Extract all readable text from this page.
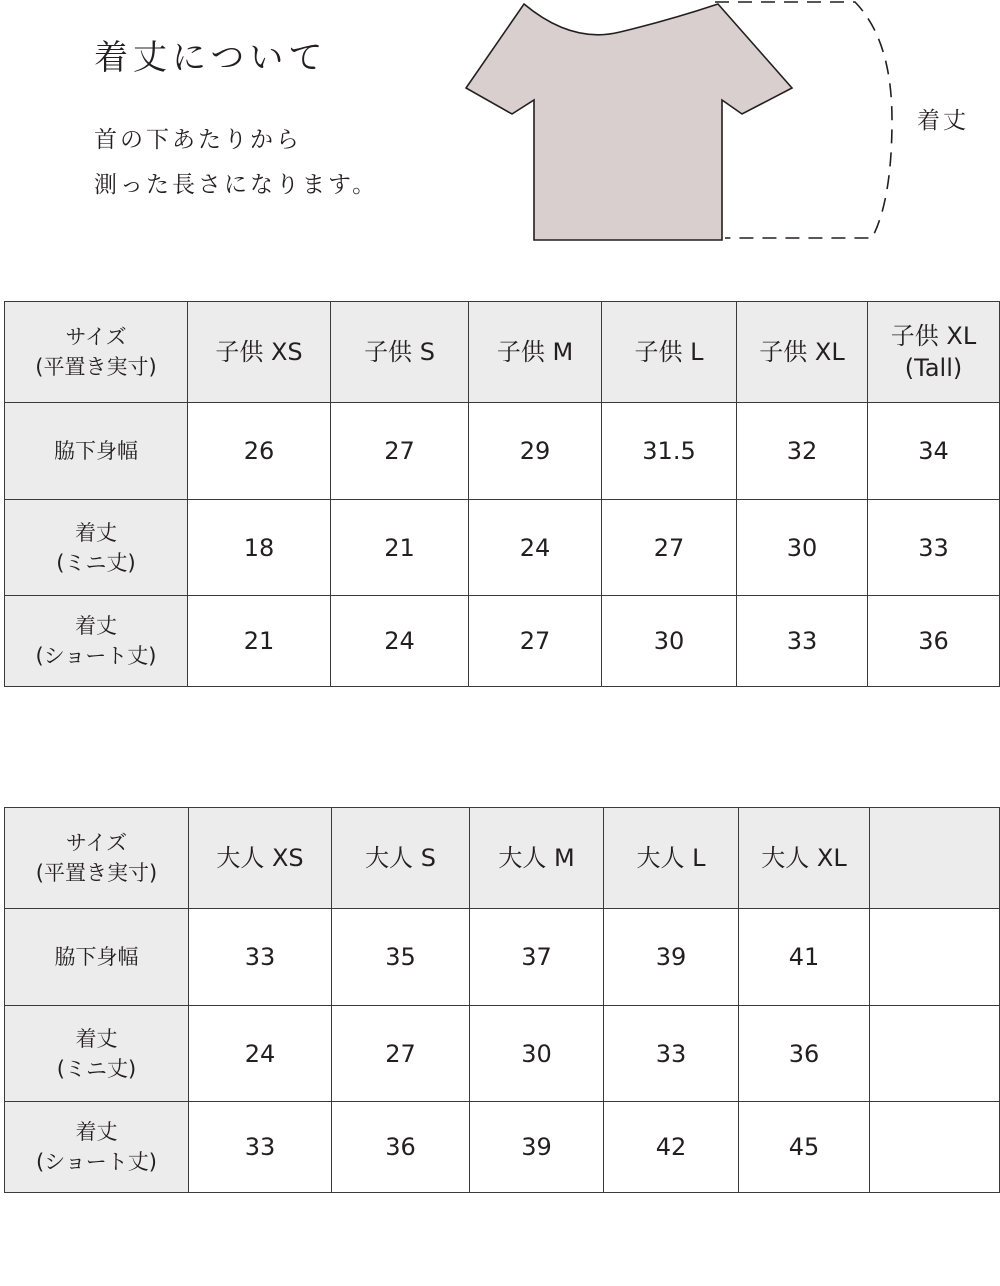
着丈について
首の下あたりから
測った長さになります。
着丈
サイズ
(平置き実寸)	子供 XS	子供 S	子供 M	子供 L	子供 XL	子供 XL
(Tall)
脇下身幅	26	27	29	31.5	32	34
着丈
(ミニ丈)	18	21	24	27	30	33
着丈
(ショート丈)	21	24	27	30	33	36
サイズ
(平置き実寸)	大人 XS	大人 S	大人 M	大人 L	大人 XL	
脇下身幅	33	35	37	39	41	
着丈
(ミニ丈)	24	27	30	33	36	
着丈
(ショート丈)	33	36	39	42	45	
